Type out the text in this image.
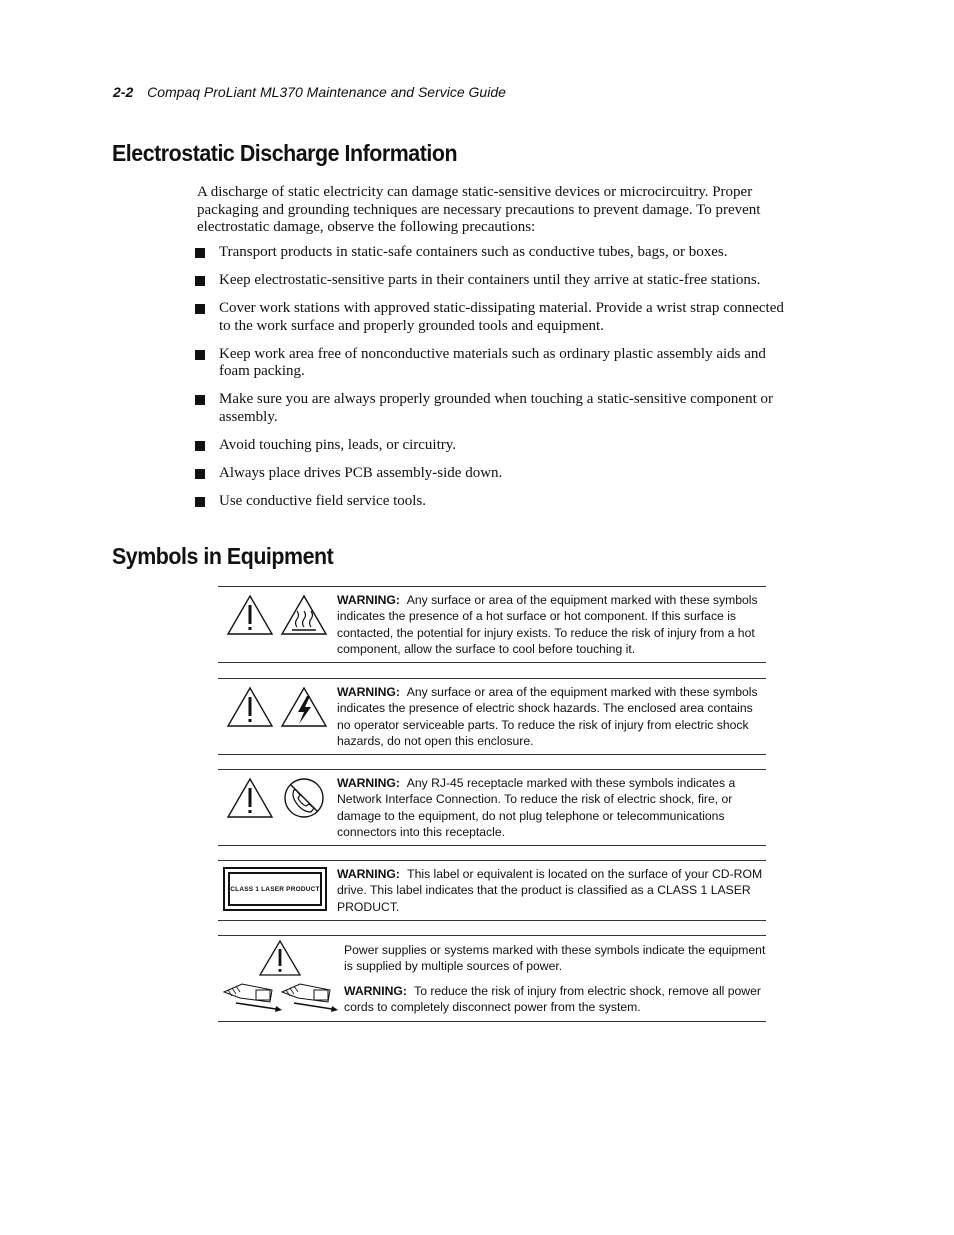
2-2 Compaq ProLiant ML370 Maintenance and Service Guide
Electrostatic Discharge Information
A discharge of static electricity can damage static-sensitive devices or microcircuitry. Proper packaging and grounding techniques are necessary precautions to prevent damage. To prevent electrostatic damage, observe the following precautions:
Transport products in static-safe containers such as conductive tubes, bags, or boxes.
Keep electrostatic-sensitive parts in their containers until they arrive at static-free stations.
Cover work stations with approved static-dissipating material. Provide a wrist strap connected to the work surface and properly grounded tools and equipment.
Keep work area free of nonconductive materials such as ordinary plastic assembly aids and foam packing.
Make sure you are always properly grounded when touching a static-sensitive component or assembly.
Avoid touching pins, leads, or circuitry.
Always place drives PCB assembly-side down.
Use conductive field service tools.
Symbols in Equipment
WARNING: Any surface or area of the equipment marked with these symbols indicates the presence of a hot surface or hot component. If this surface is contacted, the potential for injury exists. To reduce the risk of injury from a hot component, allow the surface to cool before touching it.
WARNING: Any surface or area of the equipment marked with these symbols indicates the presence of electric shock hazards. The enclosed area contains no operator serviceable parts. To reduce the risk of injury from electric shock hazards, do not open this enclosure.
WARNING: Any RJ-45 receptacle marked with these symbols indicates a Network Interface Connection. To reduce the risk of electric shock, fire, or damage to the equipment, do not plug telephone or telecommunications connectors into this receptacle.
CLASS 1 LASER PRODUCT
WARNING: This label or equivalent is located on the surface of your CD-ROM drive. This label indicates that the product is classified as a CLASS 1 LASER PRODUCT.

Power supplies or systems marked with these symbols indicate the equipment is supplied by multiple sources of power.

WARNING: To reduce the risk of injury from electric shock, remove all power cords to completely disconnect power from the system.
